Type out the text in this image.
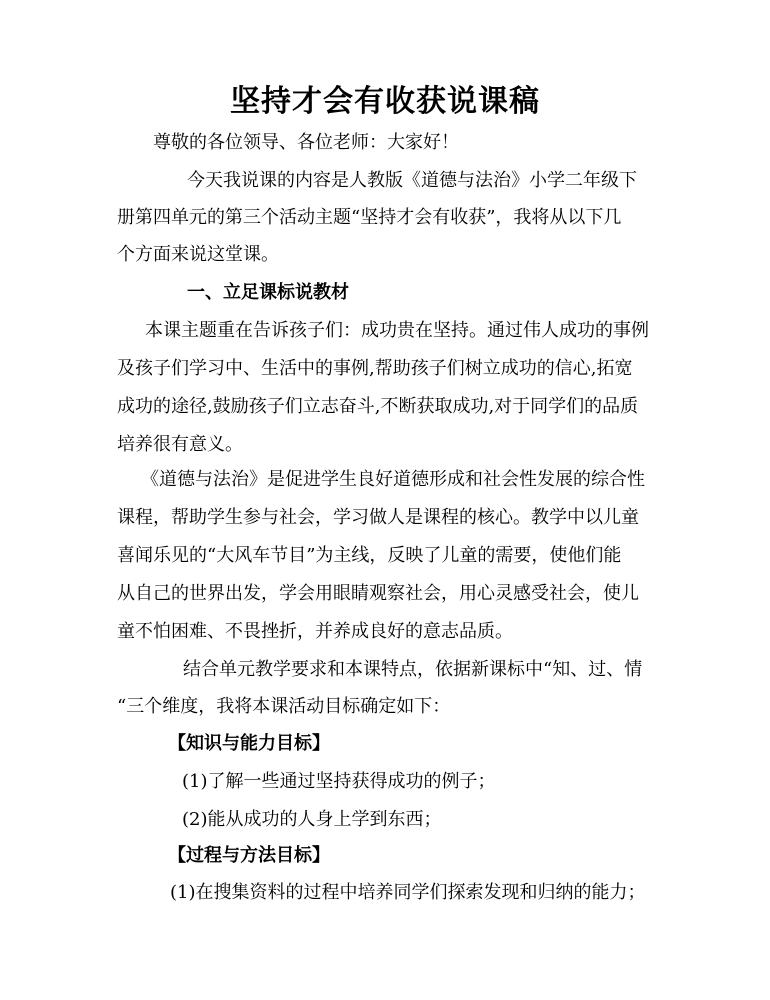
坚持才会有收获说课稿

尊敬的各位领导、各位老师：大家好！

今天我说课的内容是人教版《道德与法治》小学二年级下

册第四单元的第三个活动主题“坚持才会有收获”，我将从以下几

个方面来说这堂课。

一、立足课标说教材

本课主题重在告诉孩子们：成功贵在坚持。通过伟人成功的事例

及孩子们学习中、生活中的事例,帮助孩子们树立成功的信心,拓宽

成功的途径,鼓励孩子们立志奋斗,不断获取成功,对于同学们的品质

培养很有意义。

《道德与法治》是促进学生良好道德形成和社会性发展的综合性

课程，帮助学生参与社会，学习做人是课程的核心。教学中以儿童

喜闻乐见的“大风车节目”为主线，反映了儿童的需要，使他们能

从自己的世界出发，学会用眼睛观察社会，用心灵感受社会，使儿

童不怕困难、不畏挫折，并养成良好的意志品质。

结合单元教学要求和本课特点，依据新课标中“知、过、情

“三个维度，我将本课活动目标确定如下：

【知识与能力目标】

(1)了解一些通过坚持获得成功的例子；

(2)能从成功的人身上学到东西；

【过程与方法目标】

(1)在搜集资料的过程中培养同学们探索发现和归纳的能力；
